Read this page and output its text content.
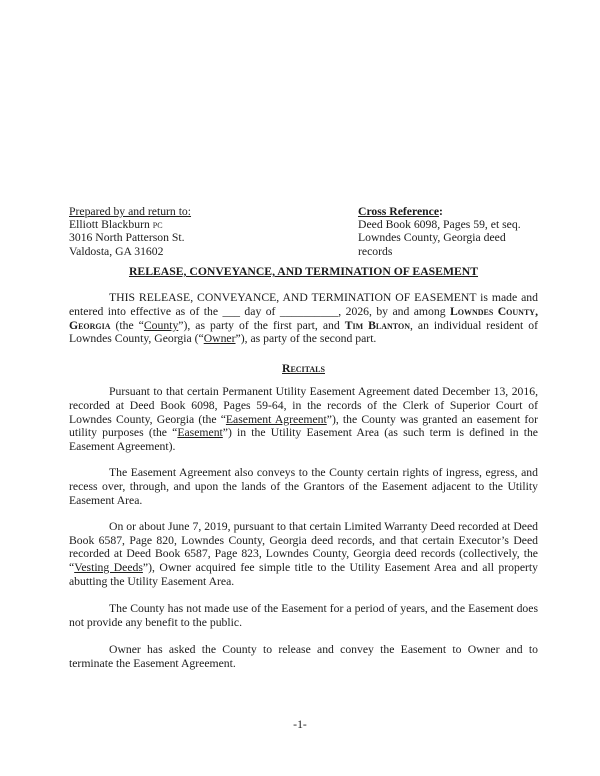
Prepared by and return to:
Elliott Blackburn pc
3016 North Patterson St.
Valdosta, GA 31602
Cross Reference:
Deed Book 6098, Pages 59, et seq.
Lowndes County, Georgia deed records
RELEASE, CONVEYANCE, AND TERMINATION OF EASEMENT

THIS RELEASE, CONVEYANCE, AND TERMINATION OF EASEMENT is made and entered into effective as of the ___ day of __________, 2026, by and among Lowndes County, Georgia (the “County”), as party of the first part, and Tim Blanton, an individual resident of Lowndes County, Georgia (“Owner”), as party of the second part.

Recitals

Pursuant to that certain Permanent Utility Easement Agreement dated December 13, 2016, recorded at Deed Book 6098, Pages 59-64, in the records of the Clerk of Superior Court of Lowndes County, Georgia (the “Easement Agreement”), the County was granted an easement for utility purposes (the “Easement”) in the Utility Easement Area (as such term is defined in the Easement Agreement).

The Easement Agreement also conveys to the County certain rights of ingress, egress, and recess over, through, and upon the lands of the Grantors of the Easement adjacent to the Utility Easement Area.

On or about June 7, 2019, pursuant to that certain Limited Warranty Deed recorded at Deed Book 6587, Page 820, Lowndes County, Georgia deed records, and that certain Executor’s Deed recorded at Deed Book 6587, Page 823, Lowndes County, Georgia deed records (collectively, the “Vesting Deeds”), Owner acquired fee simple title to the Utility Easement Area and all property abutting the Utility Easement Area.

The County has not made use of the Easement for a period of years, and the Easement does not provide any benefit to the public.

Owner has asked the County to release and convey the Easement to Owner and to terminate the Easement Agreement.

-1-
